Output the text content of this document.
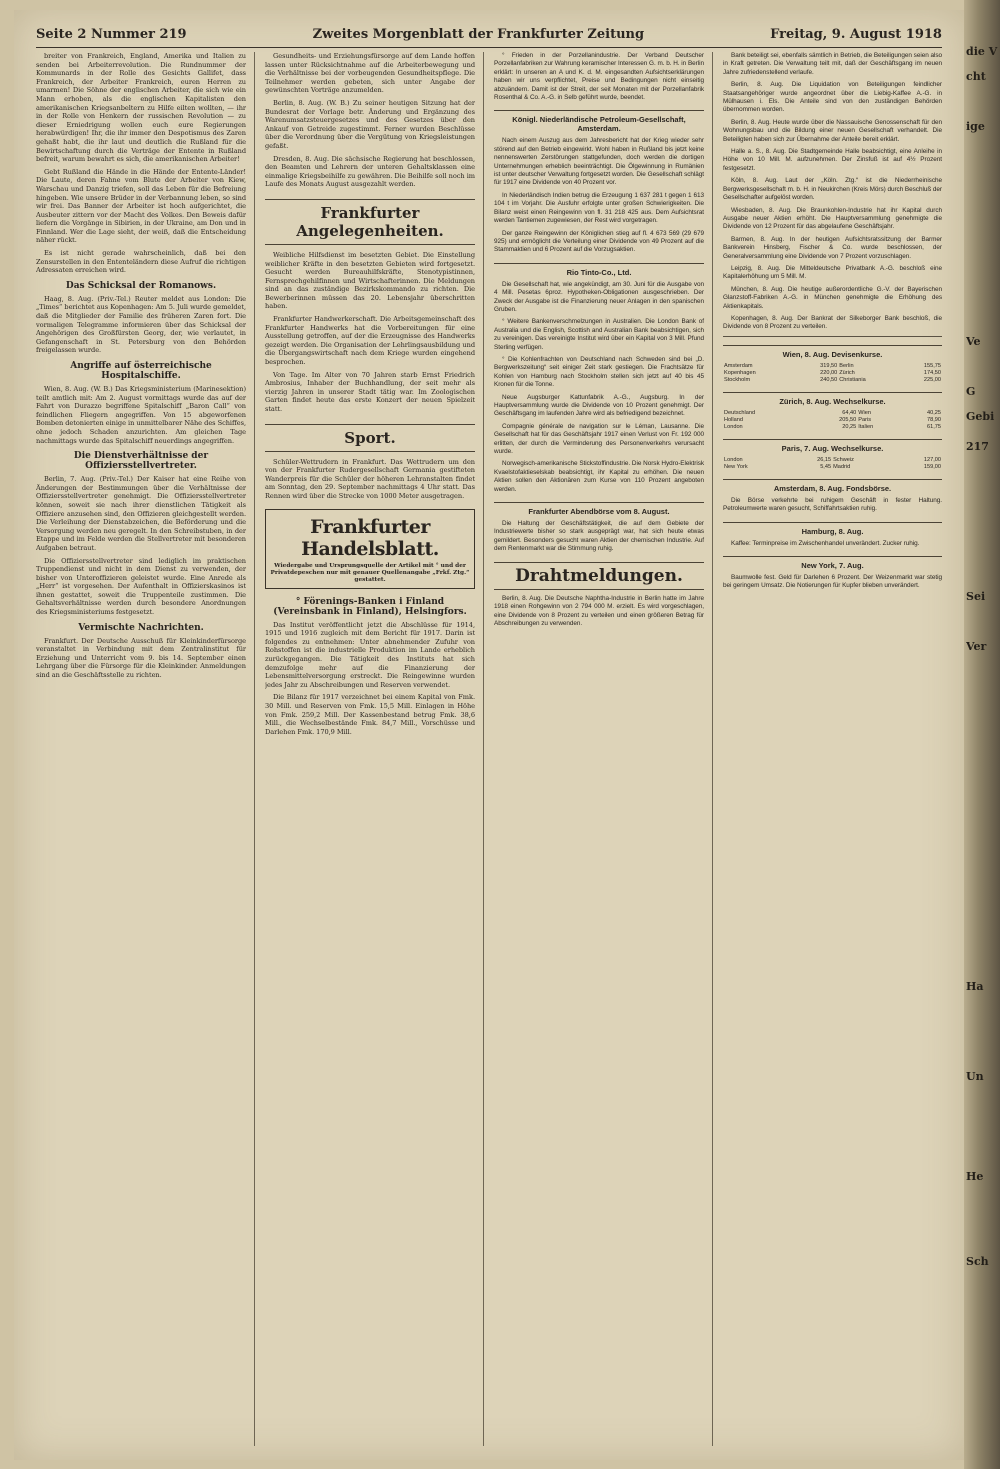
Seite 2 Nummer 219	Zweites Morgenblatt der Frankfurter Zeitung	Freitag, 9. August 1918

breiter von Frankreich, England, Amerika und Italien zu senden bei Arbeiterrevolution. Die Rundnummer der Kommunards in der Rolle des Gesichts Gallifet, dass Frankreich, der Arbeiter Frankreich, euren Herren zu umarmen! Die Söhne der englischen Arbeiter, die sich wie ein Mann erhoben, als die englischen Kapitalisten den amerikanischen Kriegsanbeltern zu Hilfe eilten wollten, — ihr in der Rolle von Henkern der russischen Revolution — zu dieser Erniedrigung wollen euch eure Regierungen herabwürdigen! Ihr, die ihr immer den Despotismus des Zaren gehaßt habt, die ihr laut und deutlich die Rußland für die Bewirtschaftung durch die Verträge der Entente in Rußland befreit, warum bewahrt es sich, die amerikanischen Arbeiter!

Gebt Rußland die Hände in die Hände der Entente-Länder! Die Laute, deren Fahne vom Blute der Arbeiter von Kiew, Warschau und Danzig triefen, soll das Leben für die Befreiung hingeben. Wie unsere Brüder in der Verbannung leben, so sind wir frei. Das Banner der Arbeiter ist hoch aufgerichtet, die Ausbeuter zittern vor der Macht des Volkes. Den Beweis dafür liefern die Vorgänge in Sibirien, in der Ukraine, am Don und in Finnland. Wer die Lage sieht, der weiß, daß die Entscheidung näher rückt.

Es ist nicht gerade wahrscheinlich, daß bei den Zensurstellen in den Ententeländern diese Aufruf die richtigen Adressaten erreichen wird.

Das Schicksal der Romanows.

Haag, 8. Aug. (Priv.-Tel.) Reuter meldet aus London: Die „Times“ berichtet aus Kopenhagen: Am 5. Juli wurde gemeldet, daß die Mitglieder der Familie des früheren Zaren fort. Die vormaligen Telegramme informieren über das Schicksal der Angehörigen des Großfürsten Georg, der, wie verlautet, in Gefangenschaft in St. Petersburg von den Behörden freigelassen wurde.

Angriffe auf österreichische Hospitalschiffe.

Wien, 8. Aug. (W. B.) Das Kriegsministerium (Marinesektion) teilt amtlich mit: Am 2. August vormittags wurde das auf der Fahrt von Durazzo begriffene Spitalschiff „Baron Call“ von feindlichen Fliegern angegriffen. Von 15 abgeworfenen Bomben detonierten einige in unmittelbarer Nähe des Schiffes, ohne jedoch Schaden anzurichten. Am gleichen Tage nachmittags wurde das Spitalschiff neuerdings angegriffen.

Die Dienstverhältnisse der Offiziersstellvertreter.

Berlin, 7. Aug. (Priv.-Tel.) Der Kaiser hat eine Reihe von Änderungen der Bestimmungen über die Verhältnisse der Offiziersstellvertreter genehmigt. Die Offiziersstellvertreter können, soweit sie nach ihrer dienstlichen Tätigkeit als Offiziere anzusehen sind, den Offizieren gleichgestellt werden. Die Verleihung der Dienstabzeichen, die Beförderung und die Versorgung werden neu geregelt. In den Schreibstuben, in der Etappe und im Felde werden die Stellvertreter mit besonderen Aufgaben betraut.

Die Offiziersstellvertreter sind lediglich im praktischen Truppendienst und nicht in dem Dienst zu verwenden, der bisher von Unteroffizieren geleistet wurde. Eine Anrede als „Herr“ ist vorgesehen. Der Aufenthalt in Offizierskasinos ist ihnen gestattet, soweit die Truppenteile zustimmen. Die Gehaltsverhältnisse werden durch besondere Anordnungen des Kriegsministeriums festgesetzt.

Vermischte Nachrichten.

Frankfurt. Der Deutsche Ausschuß für Kleinkinderfürsorge veranstaltet in Verbindung mit dem Zentralinstitut für Erziehung und Unterricht vom 9. bis 14. September einen Lehrgang über die Fürsorge für die Kleinkinder. Anmeldungen sind an die Geschäftsstelle zu richten.

Gesundheits- und Erziehungsfürsorge auf dem Lande hoffen lassen unter Rücksichtnahme auf die Arbeiterbewegung und die Verhältnisse bei der vorbeugenden Gesundheitspflege. Die Teilnehmer werden gebeten, sich unter Angabe der gewünschten Vorträge anzumelden.

Berlin, 8. Aug. (W. B.) Zu seiner heutigen Sitzung hat der Bundesrat der Vorlage betr. Änderung und Ergänzung des Warenumsatzsteuergesetzes und des Gesetzes über den Ankauf von Getreide zugestimmt. Ferner wurden Beschlüsse über die Verordnung über die Vergütung von Kriegsleistungen gefaßt.

Dresden, 8. Aug. Die sächsische Regierung hat beschlossen, den Beamten und Lehrern der unteren Gehaltsklassen eine einmalige Kriegsbeihilfe zu gewähren. Die Beihilfe soll noch im Laufe des Monats August ausgezahlt werden.

Frankfurter Angelegenheiten.

Weibliche Hilfsdienst im besetzten Gebiet. Die Einstellung weiblicher Kräfte in den besetzten Gebieten wird fortgesetzt. Gesucht werden Bureauhilfskräfte, Stenotypistinnen, Fernsprechgehilfinnen und Wirtschafterinnen. Die Meldungen sind an das zuständige Bezirkskommando zu richten. Die Bewerberinnen müssen das 20. Lebensjahr überschritten haben.

Frankfurter Handwerkerschaft. Die Arbeitsgemeinschaft des Frankfurter Handwerks hat die Vorbereitungen für eine Ausstellung getroffen, auf der die Erzeugnisse des Handwerks gezeigt werden. Die Organisation der Lehrlingsausbildung und die Übergangswirtschaft nach dem Kriege wurden eingehend besprochen.

Von Tage. Im Alter von 70 Jahren starb Ernst Friedrich Ambrosius, Inhaber der Buchhandlung, der seit mehr als vierzig Jahren in unserer Stadt tätig war. Im Zoologischen Garten findet heute das erste Konzert der neuen Spielzeit statt.

Sport.

Schüler-Wettrudern in Frankfurt. Das Wettrudern um den von der Frankfurter Rudergesellschaft Germania gestifteten Wanderpreis für die Schüler der höheren Lehranstalten findet am Sonntag, den 29. September nachmittags 4 Uhr statt. Das Rennen wird über die Strecke von 1000 Meter ausgetragen.

Frankfurter Handelsblatt.
Wiedergabe und Ursprungsquelle der Artikel mit ° und der Privatdepeschen nur mit genauer Quellenangabe „Frkf. Ztg.“ gestattet.
° Förenings-Banken i Finland (Vereinsbank in Finland), Helsingfors.

Das Institut veröffentlicht jetzt die Abschlüsse für 1914, 1915 und 1916 zugleich mit dem Bericht für 1917. Darin ist folgendes zu entnehmen: Unter abnehmender Zufuhr von Rohstoffen ist die industrielle Produktion im Lande erheblich zurückgegangen. Die Tätigkeit des Instituts hat sich demzufolge mehr auf die Finanzierung der Lebensmittelversorgung erstreckt. Die Reingewinne wurden jedes Jahr zu Abschreibungen und Reserven verwendet.

Die Bilanz für 1917 verzeichnet bei einem Kapital von Fmk. 30 Mill. und Reserven von Fmk. 15,5 Mill. Einlagen in Höhe von Fmk. 259,2 Mill. Der Kassenbestand betrug Fmk. 38,6 Mill., die Wechselbestände Fmk. 84,7 Mill., Vorschüsse und Darlehen Fmk. 170,9 Mill.

° Frieden in der Porzellanindustrie. Der Verband Deutscher Porzellanfabriken zur Wahrung keramischer Interessen G. m. b. H. in Berlin erklärt: In unseren an A und K. d. M. eingesandten Aufsichtserklärungen haben wir uns verpflichtet, Preise und Bedingungen nicht einseitig abzuändern. Damit ist der Streit, der seit Monaten mit der Porzellanfabrik Rosenthal & Co. A.-G. in Selb geführt wurde, beendet.

Königl. Niederländische Petroleum-Gesellschaft, Amsterdam.

Nach einem Auszug aus dem Jahresbericht hat der Krieg wieder sehr störend auf den Betrieb eingewirkt. Wohl haben in Rußland bis jetzt keine nennenswerten Zerstörungen stattgefunden, doch werden die dortigen Unternehmungen erheblich beeinträchtigt. Die Ölgewinnung in Rumänien ist unter deutscher Verwaltung fortgesetzt worden. Die Gesellschaft schlägt für 1917 eine Dividende von 40 Prozent vor.

In Niederländisch Indien betrug die Erzeugung 1 637 281 t gegen 1 613 104 t im Vorjahr. Die Ausfuhr erfolgte unter großen Schwierigkeiten. Die Bilanz weist einen Reingewinn von fl. 31 218 425 aus. Dem Aufsichtsrat werden Tantiemen zugewiesen, der Rest wird vorgetragen.

Der ganze Reingewinn der Königlichen stieg auf fl. 4 673 569 (29 679 925) und ermöglicht die Verteilung einer Dividende von 49 Prozent auf die Stammaktien und 6 Prozent auf die Vorzugsaktien.

Rio Tinto-Co., Ltd.

Die Gesellschaft hat, wie angekündigt, am 30. Juni für die Ausgabe von 4 Mill. Pesetas 6proz. Hypotheken-Obligationen ausgeschrieben. Der Zweck der Ausgabe ist die Finanzierung neuer Anlagen in den spanischen Gruben.

° Weitere Bankenverschmelzungen in Australien. Die London Bank of Australia und die English, Scottish and Australian Bank beabsichtigen, sich zu vereinigen. Das vereinigte Institut wird über ein Kapital von 3 Mill. Pfund Sterling verfügen.

° Die Kohlenfrachten von Deutschland nach Schweden sind bei „D. Bergwerkszeitung“ seit einiger Zeit stark gestiegen. Die Frachtsätze für Kohlen von Hamburg nach Stockholm stellen sich jetzt auf 40 bis 45 Kronen für die Tonne.

Neue Augsburger Kattunfabrik A.-G., Augsburg. In der Hauptversammlung wurde die Dividende von 10 Prozent genehmigt. Der Geschäftsgang im laufenden Jahre wird als befriedigend bezeichnet.

Compagnie générale de navigation sur le Léman, Lausanne. Die Gesellschaft hat für das Geschäftsjahr 1917 einen Verlust von Fr. 192 000 erlitten, der durch die Verminderung des Personenverkehrs verursacht wurde.

Norwegisch-amerikanische Stickstoffindustrie. Die Norsk Hydro-Elektrisk Kvaelstofaktieselskab beabsichtigt, ihr Kapital zu erhöhen. Die neuen Aktien sollen den Aktionären zum Kurse von 110 Prozent angeboten werden.

Frankfurter Abendbörse vom 8. August.

Die Haltung der Geschäftstätigkeit, die auf dem Gebiete der Industriewerte bisher so stark ausgeprägt war, hat sich heute etwas gemildert. Besonders gesucht waren Aktien der chemischen Industrie. Auf dem Rentenmarkt war die Stimmung ruhig.

Drahtmeldungen.

Berlin, 8. Aug. Die Deutsche Naphtha-Industrie in Berlin hatte im Jahre 1918 einen Rohgewinn von 2 794 000 M. erzielt. Es wird vorgeschlagen, eine Dividende von 8 Prozent zu verteilen und einen größeren Betrag für Abschreibungen zu verwenden.

Bank beteiligt sei, ebenfalls sämtlich in Betrieb, die Beteiligungen seien also in Kraft getreten. Die Verwaltung teilt mit, daß der Geschäftsgang im neuen Jahre zufriedenstellend verlaufe.

Berlin, 8. Aug. Die Liquidation von Beteiligungen feindlicher Staatsangehöriger wurde angeordnet über die Liebig-Kaffee A.-G. in Mülhausen i. Els. Die Anteile sind von den zuständigen Behörden übernommen worden.

Berlin, 8. Aug. Heute wurde über die Nassauische Genossenschaft für den Wohnungsbau und die Bildung einer neuen Gesellschaft verhandelt. Die Beteiligten haben sich zur Übernahme der Anteile bereit erklärt.

Halle a. S., 8. Aug. Die Stadtgemeinde Halle beabsichtigt, eine Anleihe in Höhe von 10 Mill. M. aufzunehmen. Der Zinsfuß ist auf 4½ Prozent festgesetzt.

Köln, 8. Aug. Laut der „Köln. Ztg.“ ist die Niederrheinische Bergwerksgesellschaft m. b. H. in Neukirchen (Kreis Mörs) durch Beschluß der Gesellschafter aufgelöst worden.

Wiesbaden, 8. Aug. Die Braunkohlen-Industrie hat ihr Kapital durch Ausgabe neuer Aktien erhöht. Die Hauptversammlung genehmigte die Dividende von 12 Prozent für das abgelaufene Geschäftsjahr.

Barmen, 8. Aug. In der heutigen Aufsichtsratssitzung der Barmer Bankverein Hinsberg, Fischer & Co. wurde beschlossen, der Generalversammlung eine Dividende von 7 Prozent vorzuschlagen.

Leipzig, 8. Aug. Die Mitteldeutsche Privatbank A.-G. beschloß eine Kapitalerhöhung um 5 Mill. M.

München, 8. Aug. Die heutige außerordentliche G.-V. der Bayerischen Glanzstoff-Fabriken A.-G. in München genehmigte die Erhöhung des Aktienkapitals.

Kopenhagen, 8. Aug. Der Bankrat der Silkeborger Bank beschloß, die Dividende von 8 Prozent zu verteilen.

Wien, 8. Aug. Devisenkurse.
Amsterdam	319,50	Berlin	155,75
Kopenhagen	220,00	Zürich	174,50
Stockholm	240,50	Christiania	225,00
Zürich, 8. Aug. Wechselkurse.
Deutschland	64,40	Wien	40,25
Holland	205,50	Paris	78,90
London	20,25	Italien	61,75
Paris, 7. Aug. Wechselkurse.
London	26,15	Schweiz	127,00
New York	5,45	Madrid	159,00
Amsterdam, 8. Aug. Fondsbörse.

Die Börse verkehrte bei ruhigem Geschäft in fester Haltung. Petroleumwerte waren gesucht, Schiffahrtsaktien ruhig.

Hamburg, 8. Aug.

Kaffee: Terminpreise im Zwischenhandel unverändert. Zucker ruhig.

New York, 7. Aug.

Baumwolle fest. Geld für Darlehen 6 Prozent. Der Weizenmarkt war stetig bei geringem Umsatz. Die Notierungen für Kupfer blieben unverändert.

die V
cht
ige
Ve
G
Gebi
217
Sei
Ver
Ha
Un
He
Sch
